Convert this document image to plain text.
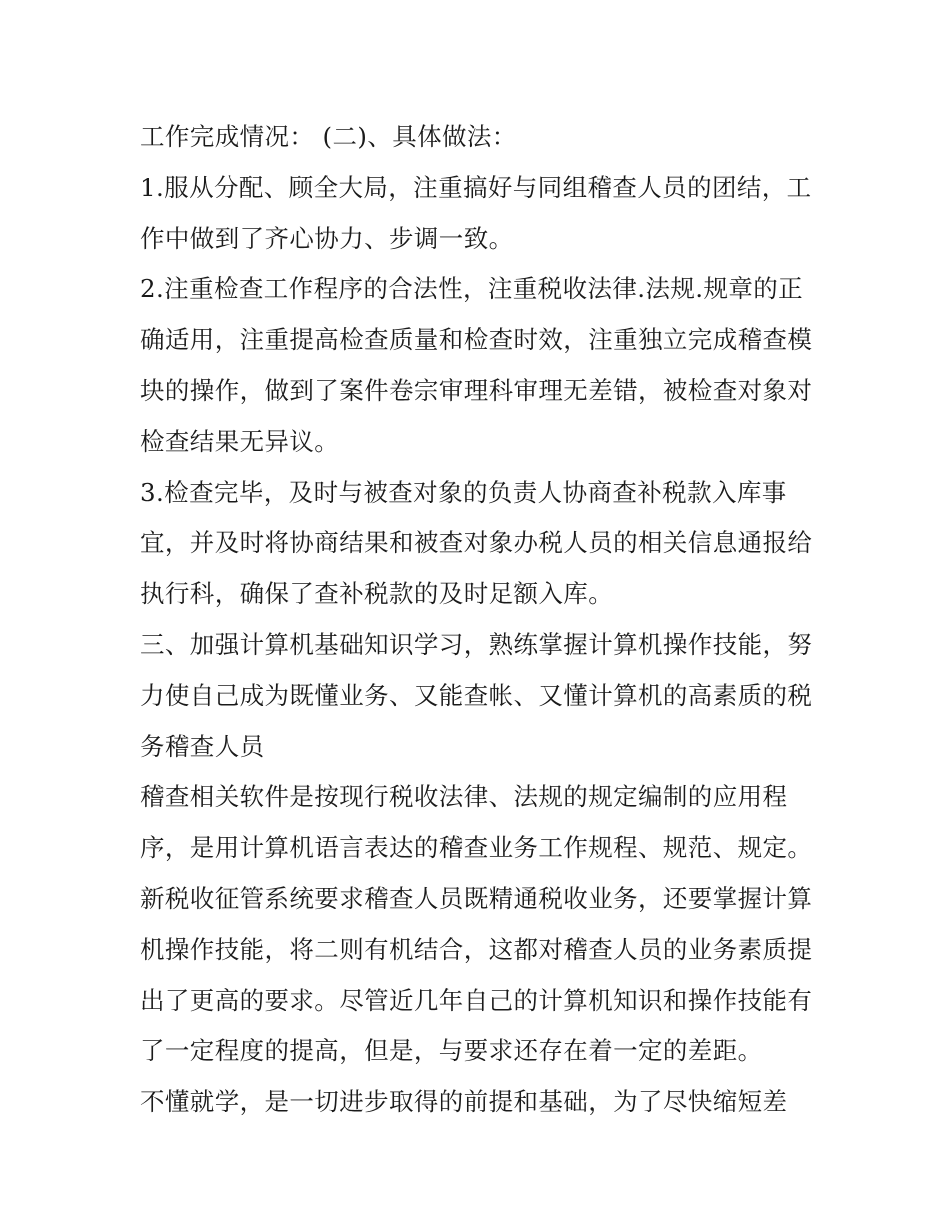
工作完成情况： (二)、具体做法：
1.服从分配、顾全大局，注重搞好与同组稽查人员的团结，工
作中做到了齐心协力、步调一致。
2.注重检查工作程序的合法性，注重税收法律.法规.规章的正
确适用，注重提高检查质量和检查时效，注重独立完成稽查模
块的操作，做到了案件卷宗审理科审理无差错，被检查对象对
检查结果无异议。
3.检查完毕，及时与被查对象的负责人协商查补税款入库事
宜，并及时将协商结果和被查对象办税人员的相关信息通报给
执行科，确保了查补税款的及时足额入库。
三、加强计算机基础知识学习，熟练掌握计算机操作技能，努
力使自己成为既懂业务、又能查帐、又懂计算机的高素质的税
务稽查人员
稽查相关软件是按现行税收法律、法规的规定编制的应用程
序，是用计算机语言表达的稽查业务工作规程、规范、规定。
新税收征管系统要求稽查人员既精通税收业务，还要掌握计算
机操作技能，将二则有机结合，这都对稽查人员的业务素质提
出了更高的要求。尽管近几年自己的计算机知识和操作技能有
了一定程度的提高，但是，与要求还存在着一定的差距。
不懂就学，是一切进步取得的前提和基础，为了尽快缩短差
